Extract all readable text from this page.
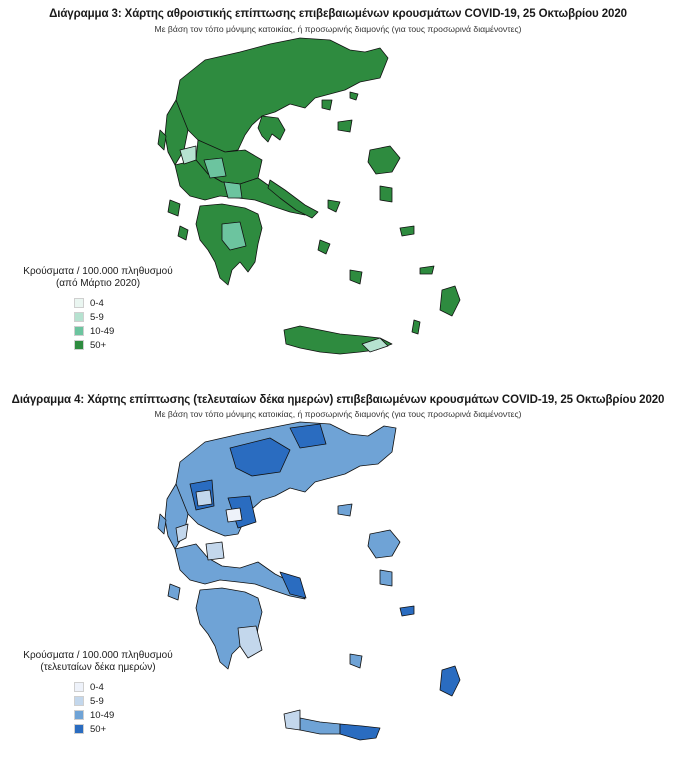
Διάγραμμα 3: Χάρτης αθροιστικής επίπτωσης επιβεβαιωμένων κρουσμάτων COVID-19, 25 Οκτωβρίου 2020
Με βάση τον τόπο μόνιμης κατοικίας, ή προσωρινής διαμονής (για τους προσωρινά διαμένοντες)
Κρούσματα / 100.000 πληθυσμού
(από Μάρτιο 2020)
0-4
5-9
10-49
50+
Διάγραμμα 4: Χάρτης επίπτωσης (τελευταίων δέκα ημερών) επιβεβαιωμένων κρουσμάτων COVID-19, 25 Οκτωβρίου 2020
Με βάση τον τόπο μόνιμης κατοικίας, ή προσωρινής διαμονής (για τους προσωρινά διαμένοντες)
Κρούσματα / 100.000 πληθυσμού
(τελευταίων δέκα ημερών)
0-4
5-9
10-49
50+
